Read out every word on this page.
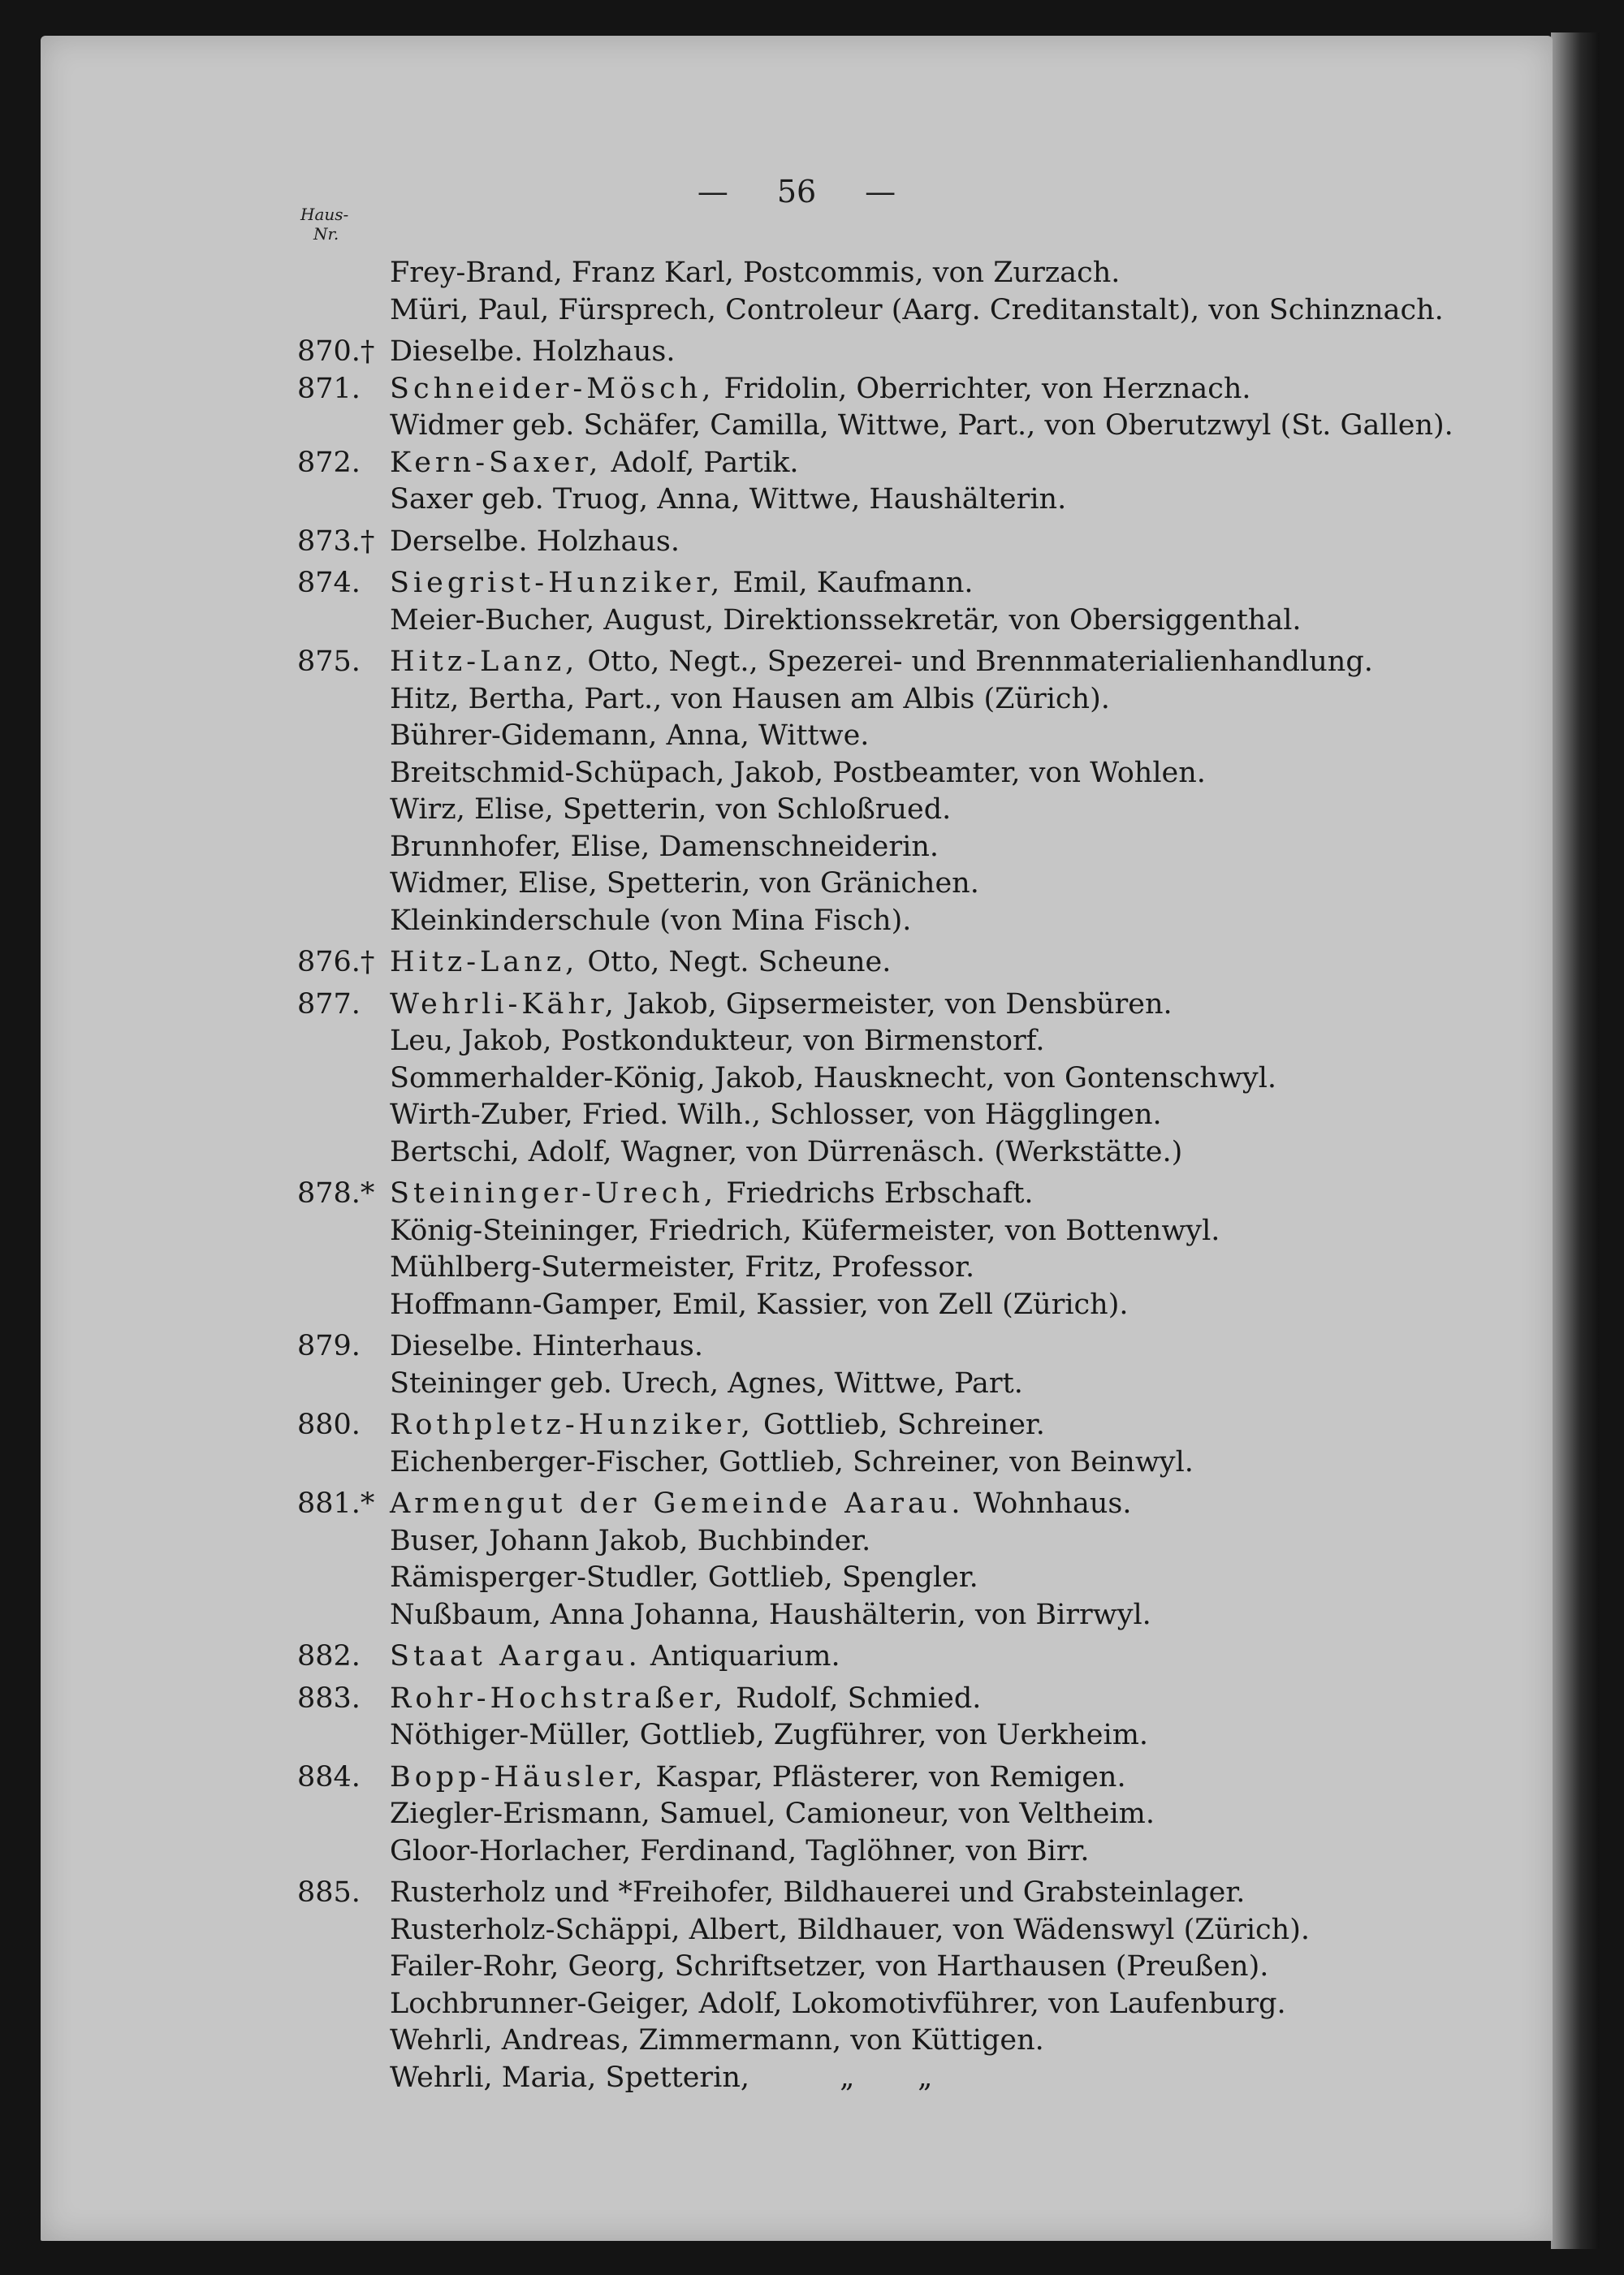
— 56 —
Haus-
Nr.
Frey-Brand, Franz Karl, Postcommis, von Zurzach.
Müri, Paul, Fürsprech, Controleur (Aarg. Creditanstalt), von Schinznach.
870.† Dieselbe. Holzhaus.
871.	Schneider-Mösch, Fridolin, Oberrichter, von Herznach.
Widmer geb. Schäfer, Camilla, Wittwe, Part., von Oberutzwyl (St. Gallen).
872.	Kern-Saxer, Adolf, Partik.
Saxer geb. Truog, Anna, Wittwe, Haushälterin.
873.† Derselbe. Holzhaus.
874.	Siegrist-Hunziker, Emil, Kaufmann.
Meier-Bucher, August, Direktionssekretär, von Obersiggenthal.
875.	Hitz-Lanz, Otto, Negt., Spezerei- und Brennmaterialienhandlung.
Hitz, Bertha, Part., von Hausen am Albis (Zürich).
Bührer-Gidemann, Anna, Wittwe.
Breitschmid-Schüpach, Jakob, Postbeamter, von Wohlen.
Wirz, Elise, Spetterin, von Schloßrued.
Brunnhofer, Elise, Damenschneiderin.
Widmer, Elise, Spetterin, von Gränichen.
Kleinkinderschule (von Mina Fisch).
876.† Hitz-Lanz, Otto, Negt. Scheune.
877.	Wehrli-Kähr, Jakob, Gipsermeister, von Densbüren.
Leu, Jakob, Postkondukteur, von Birmenstorf.
Sommerhalder-König, Jakob, Hausknecht, von Gontenschwyl.
Wirth-Zuber, Fried. Wilh., Schlosser, von Hägglingen.
Bertschi, Adolf, Wagner, von Dürrenäsch. (Werkstätte.)
878.* Steininger-Urech, Friedrichs Erbschaft.
König-Steininger, Friedrich, Küfermeister, von Bottenwyl.
Mühlberg-Sutermeister, Fritz, Professor.
Hoffmann-Gamper, Emil, Kassier, von Zell (Zürich).
879.	Dieselbe. Hinterhaus.
Steininger geb. Urech, Agnes, Wittwe, Part.
880.	Rothpletz-Hunziker, Gottlieb, Schreiner.
Eichenberger-Fischer, Gottlieb, Schreiner, von Beinwyl.
881.* Armengut der Gemeinde Aarau. Wohnhaus.
Buser, Johann Jakob, Buchbinder.
Rämisperger-Studler, Gottlieb, Spengler.
Nußbaum, Anna Johanna, Haushälterin, von Birrwyl.
882.	Staat Aargau. Antiquarium.
883.	Rohr-Hochstraßer, Rudolf, Schmied.
Nöthiger-Müller, Gottlieb, Zugführer, von Uerkheim.
884.	Bopp-Häusler, Kaspar, Pflästerer, von Remigen.
Ziegler-Erismann, Samuel, Camioneur, von Veltheim.
Gloor-Horlacher, Ferdinand, Taglöhner, von Birr.
885.	Rusterholz und *Freihofer, Bildhauerei und Grabsteinlager.
Rusterholz-Schäppi, Albert, Bildhauer, von Wädenswyl (Zürich).
Failer-Rohr, Georg, Schriftsetzer, von Harthausen (Preußen).
Lochbrunner-Geiger, Adolf, Lokomotivführer, von Laufenburg.
Wehrli, Andreas, Zimmermann, von Küttigen.
Wehrli, Maria, Spetterin,          „       „
